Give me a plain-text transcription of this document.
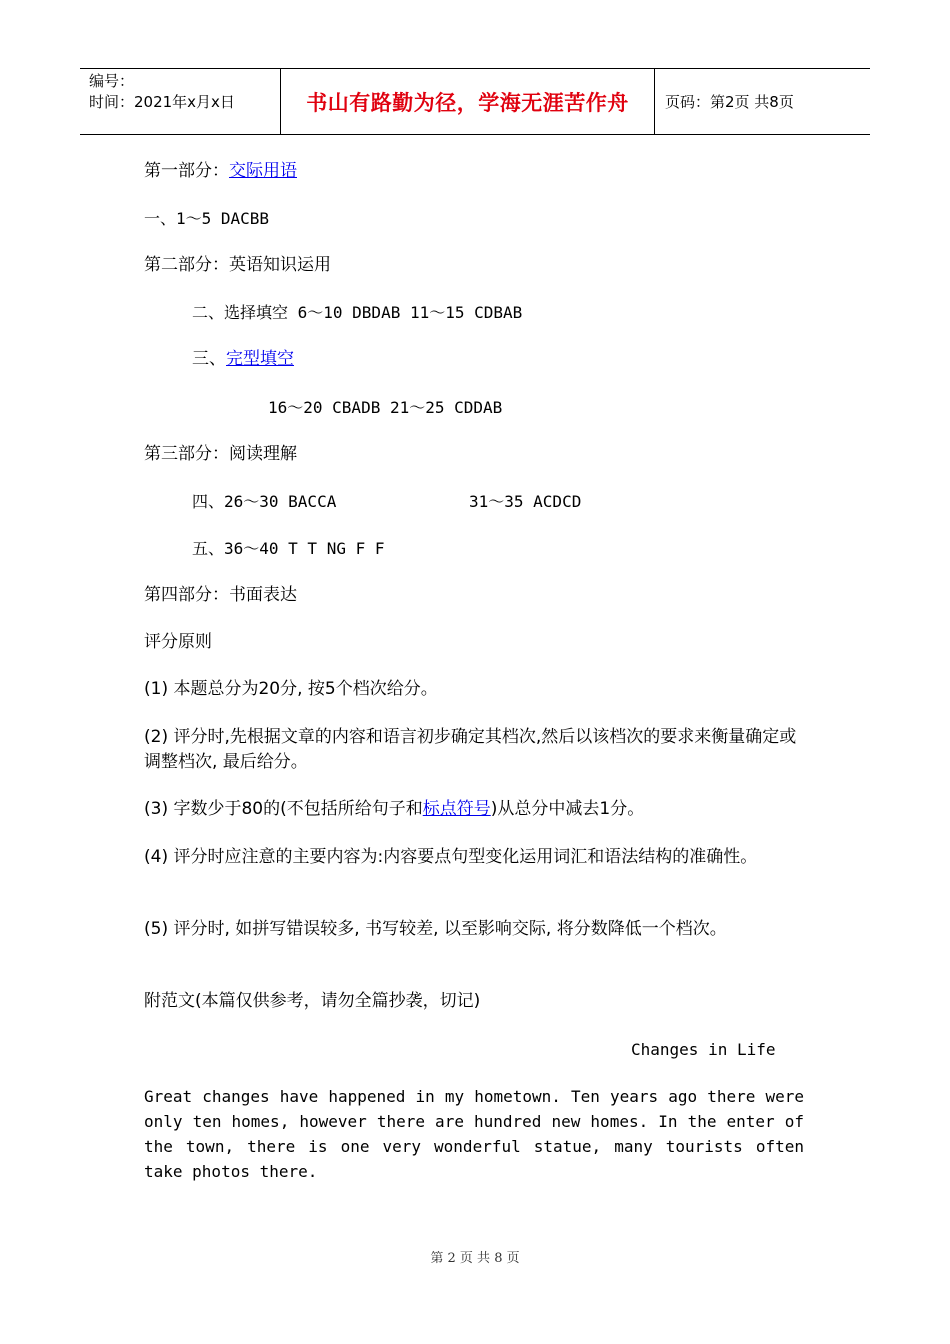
编号：
时间：2021年x月x日	书山有路勤为径，学海无涯苦作舟	页码：第2页 共8页
第一部分：交际用语
一、1～5 DACBB
第二部分：英语知识运用
二、选择填空 6～10 DBDAB 11～15 CDBAB
三、完型填空
16～20 CBADB 21～25 CDDAB
第三部分：阅读理解
四、26～30 BACCA	31～35 ACDCD
五、36～40 T T NG F F
第四部分：书面表达
评分原则
(1) 本题总分为20分, 按5个档次给分。
(2) 评分时,先根据文章的内容和语言初步确定其档次,然后以该档次的要求来衡量确定或调整档次, 最后给分。
(3) 字数少于80的(不包括所给句子和标点符号)从总分中减去1分。
(4) 评分时应注意的主要内容为:内容要点句型变化运用词汇和语法结构的准确性。
(5) 评分时, 如拼写错误较多, 书写较差, 以至影响交际, 将分数降低一个档次。
附范文(本篇仅供参考，请勿全篇抄袭，切记)
Changes in Life
Great changes have happened in my hometown. Ten years ago there were only ten homes, however there are hundred new homes. In the enter of the town, there is one very wonderful statue, many tourists often take photos there.
第 2 页 共 8 页
